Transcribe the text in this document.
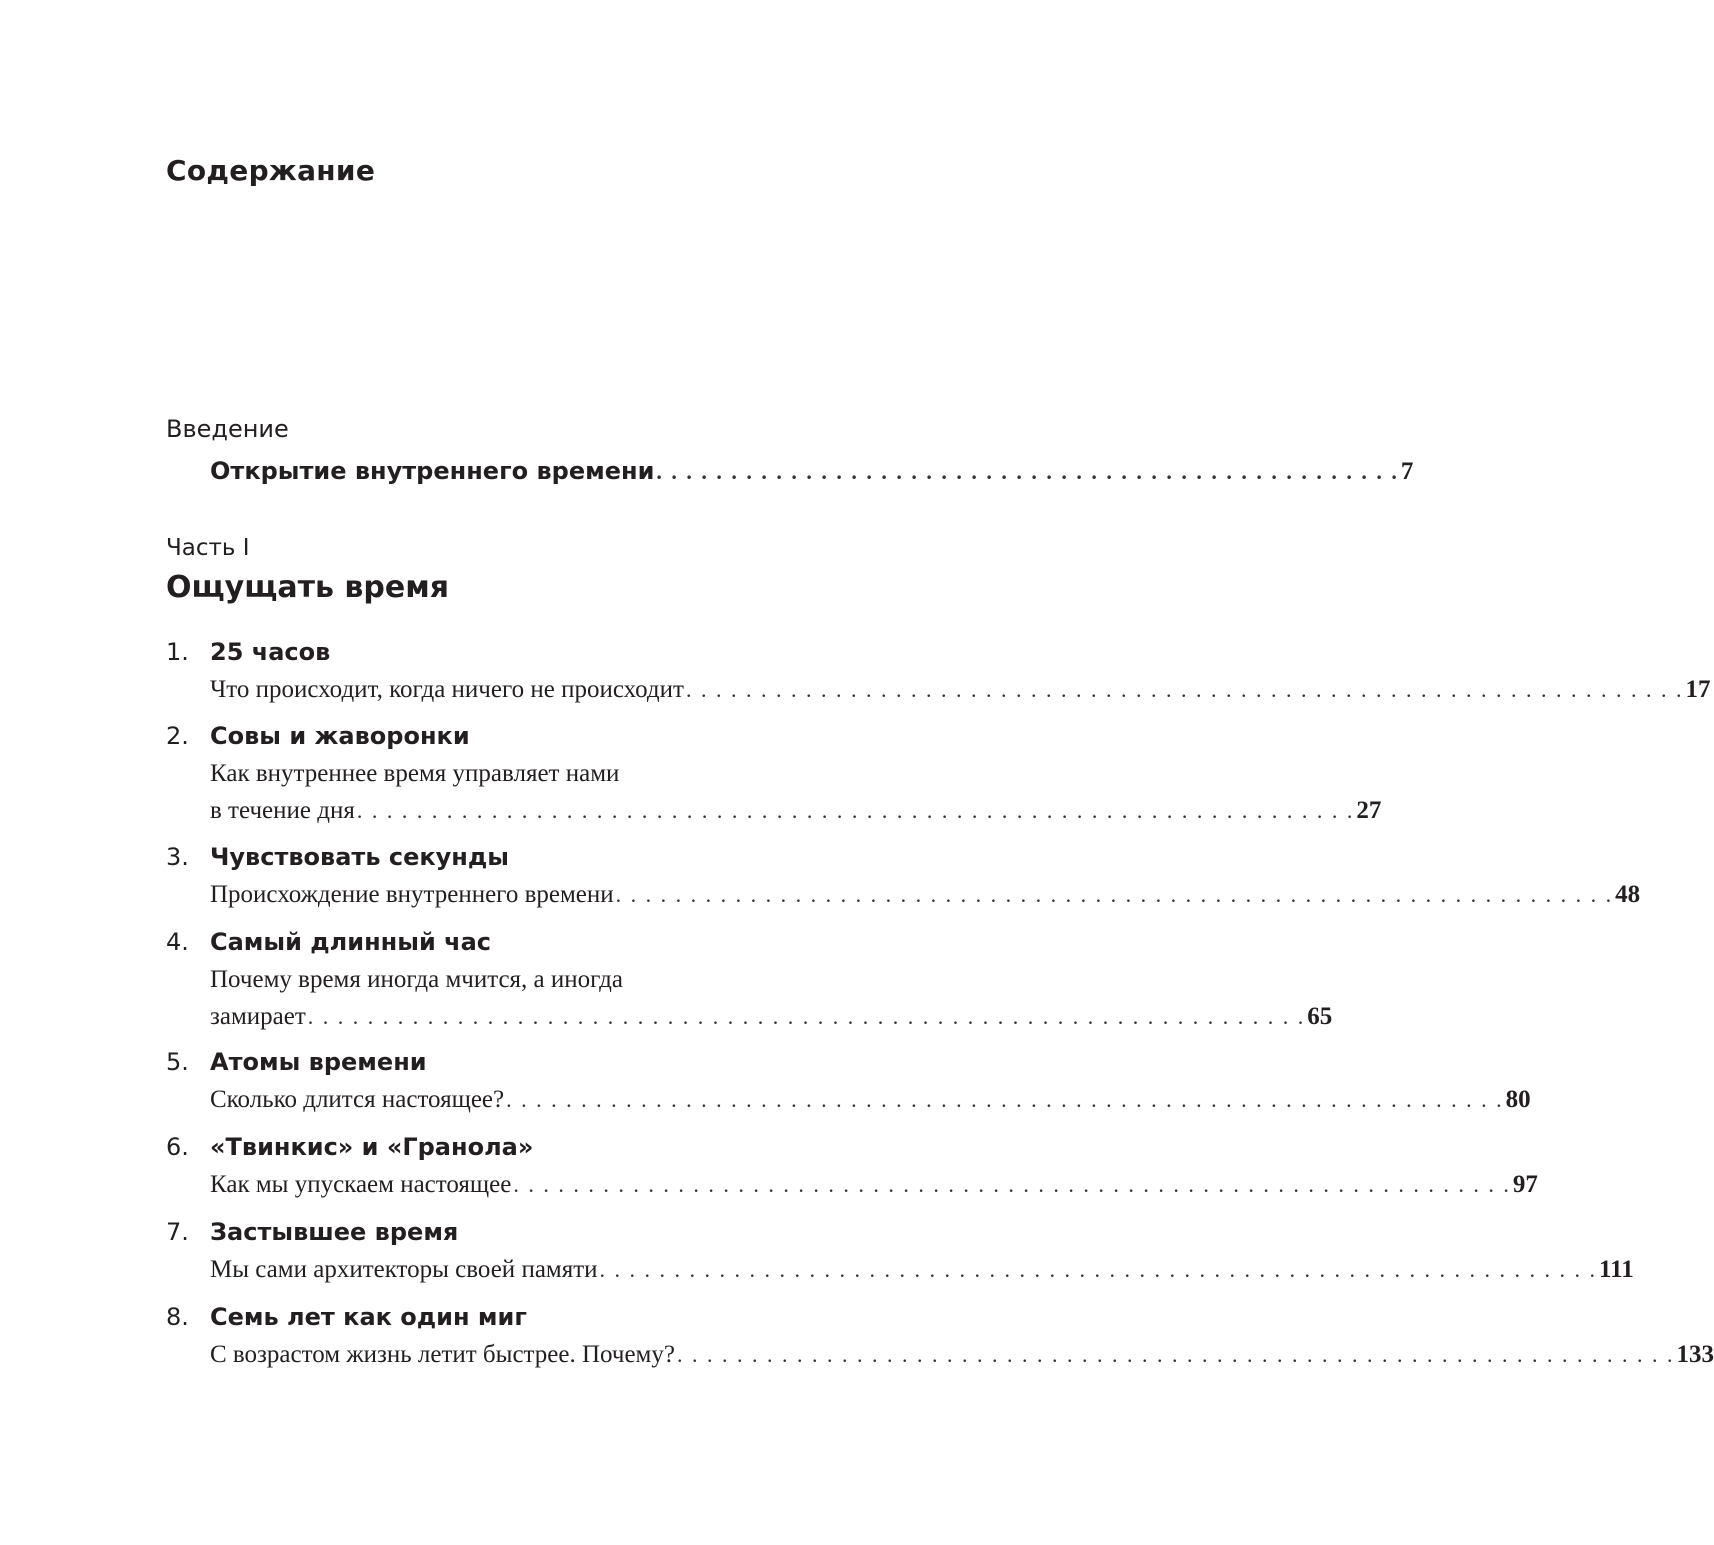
Содержание
Введение
Открытие внутреннего времени . . . . . . . . . . . . . . . . . . . . . . . . . . . . . . . . . . . . . . . . . . . . . . . . . . 7
Часть I
Ощущать время
1. 25 часов
Что происходит, когда ничего не происходит . . . . . . . . . . . . . . . . . . . . . . . . . . . . . . . . . . . . . . . . . . . . . . . . . . . . . . . . . . . . . . . . . . . 17
2. Совы и жаворонки
Как внутреннее время управляет нами
в течение дня . . . . . . . . . . . . . . . . . . . . . . . . . . . . . . . . . . . . . . . . . . . . . . . . . . . . . . . . . . . . . . . . . . . 27
3. Чувствовать секунды
Происхождение внутреннего времени . . . . . . . . . . . . . . . . . . . . . . . . . . . . . . . . . . . . . . . . . . . . . . . . . . . . . . . . . . . . . . . . . . . 48
4. Самый длинный час
Почему время иногда мчится, а иногда
замирает . . . . . . . . . . . . . . . . . . . . . . . . . . . . . . . . . . . . . . . . . . . . . . . . . . . . . . . . . . . . . . . . . . . 65
5. Атомы времени
Сколько длится настоящее? . . . . . . . . . . . . . . . . . . . . . . . . . . . . . . . . . . . . . . . . . . . . . . . . . . . . . . . . . . . . . . . . . . . 80
6. «Твинкис» и «Гранола»
Как мы упускаем настоящее . . . . . . . . . . . . . . . . . . . . . . . . . . . . . . . . . . . . . . . . . . . . . . . . . . . . . . . . . . . . . . . . . . . 97
7. Застывшее время
Мы сами архитекторы своей памяти . . . . . . . . . . . . . . . . . . . . . . . . . . . . . . . . . . . . . . . . . . . . . . . . . . . . . . . . . . . . . . . . . . . 111
8. Семь лет как один миг
С возрастом жизнь летит быстрее. Почему? . . . . . . . . . . . . . . . . . . . . . . . . . . . . . . . . . . . . . . . . . . . . . . . . . . . . . . . . . . . . . . . . . . . 133
